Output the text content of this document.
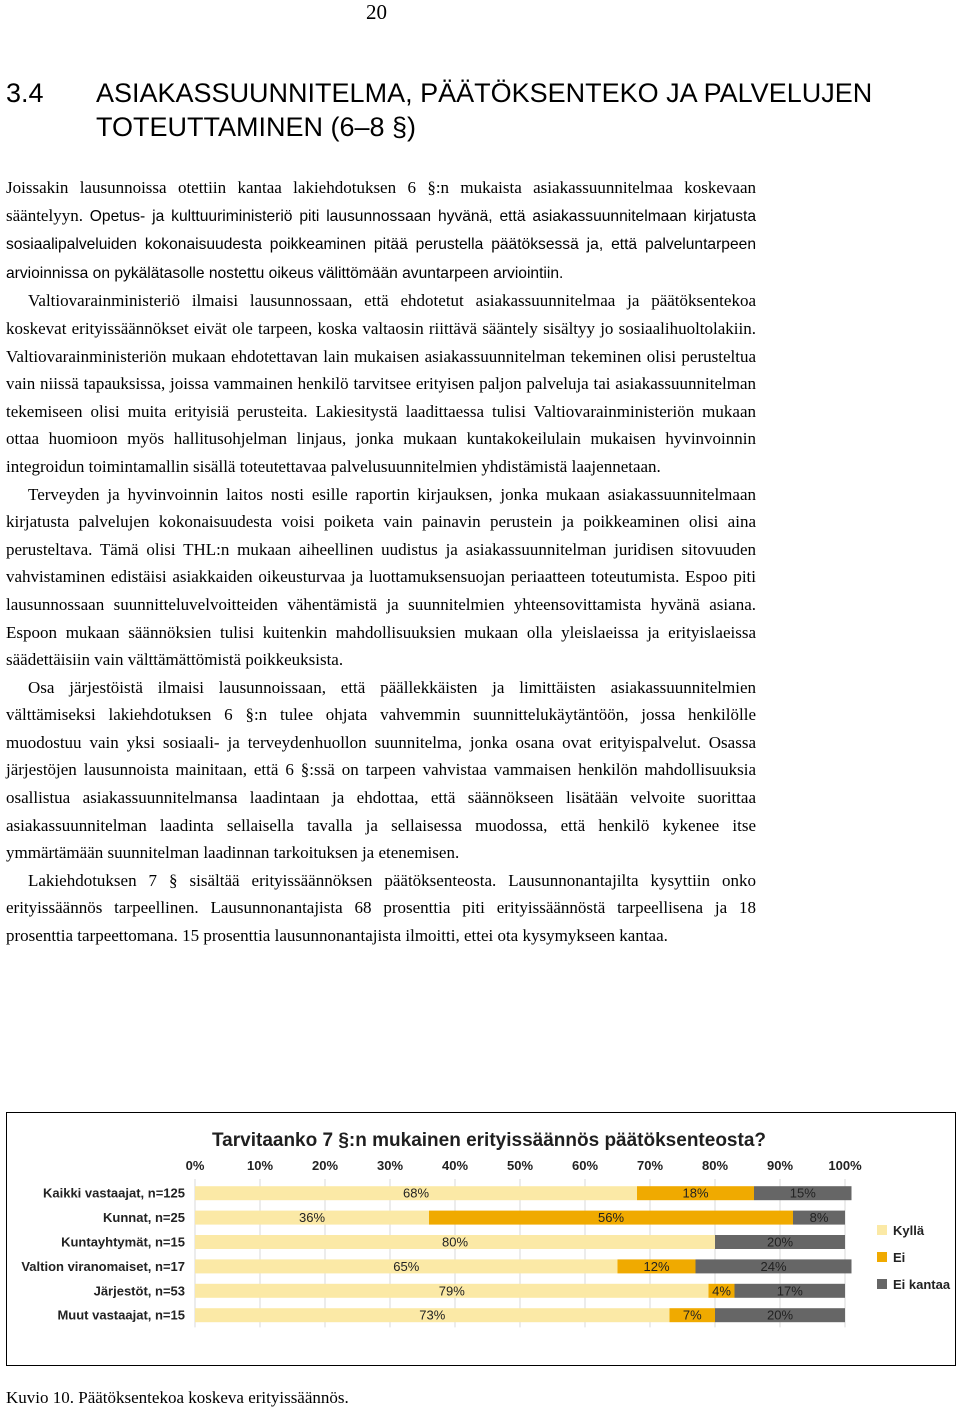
20
3.4 ASIAKASSUUNNITELMA, PÄÄTÖKSENTEKO JA PALVELUJEN TOTEUTTAMINEN (6–8 §)

Joissakin lausunnoissa otettiin kantaa lakiehdotuksen 6 §:n mukaista asiakassuunnitelmaa koskevaan sääntelyyn. Opetus- ja kulttuuriministeriö piti lausunnossaan hyvänä, että asiakassuunnitelmaan kirjatusta sosiaalipalveluiden kokonaisuudesta poikkeaminen pitää perustella päätöksessä ja, että palveluntarpeen arvioinnissa on pykälätasolle nostettu oikeus välittömään avuntarpeen arviointiin.

Valtiovarainministeriö ilmaisi lausunnossaan, että ehdotetut asiakassuunnitelmaa ja päätöksentekoa koskevat erityissäännökset eivät ole tarpeen, koska valtaosin riittävä sääntely sisältyy jo sosiaalihuoltolakiin. Valtiovarainministeriön mukaan ehdotettavan lain mukaisen asiakassuunnitelman tekeminen olisi perusteltua vain niissä tapauksissa, joissa vammainen henkilö tarvitsee erityisen paljon palveluja tai asiakassuunnitelman tekemiseen olisi muita erityisiä perusteita. Lakiesitystä laadittaessa tulisi Valtiovarainministeriön mukaan ottaa huomioon myös hallitusohjelman linjaus, jonka mukaan kuntakokeilulain mukaisen hyvinvoinnin integroidun toimintamallin sisällä toteutettavaa palvelusuunnitelmien yhdistämistä laajennetaan.

Terveyden ja hyvinvoinnin laitos nosti esille raportin kirjauksen, jonka mukaan asiakassuunnitelmaan kirjatusta palvelujen kokonaisuudesta voisi poiketa vain painavin perustein ja poikkeaminen olisi aina perusteltava. Tämä olisi THL:n mukaan aiheellinen uudistus ja asiakassuunnitelman juridisen sitovuuden vahvistaminen edistäisi asiakkaiden oikeusturvaa ja luottamuksensuojan periaatteen toteutumista. Espoo piti lausunnossaan suunnitteluvelvoitteiden vähentämistä ja suunnitelmien yhteensovittamista hyvänä asiana. Espoon mukaan säännöksien tulisi kuitenkin mahdollisuuksien mukaan olla yleislaeissa ja erityislaeissa säädettäisiin vain välttämättömistä poikkeuksista.

Osa järjestöistä ilmaisi lausunnoissaan, että päällekkäisten ja limittäisten asiakassuunnitelmien välttämiseksi lakiehdotuksen 6 §:n tulee ohjata vahvemmin suunnittelukäytäntöön, jossa henkilölle muodostuu vain yksi sosiaali- ja terveydenhuollon suunnitelma, jonka osana ovat erityispalvelut. Osassa järjestöjen lausunnoista mainitaan, että 6 §:ssä on tarpeen vahvistaa vammaisen henkilön mahdollisuuksia osallistua asiakassuunnitelmansa laadintaan ja ehdottaa, että säännökseen lisätään velvoite suorittaa asiakassuunnitelman laadinta sellaisella tavalla ja sellaisessa muodossa, että henkilö kykenee itse ymmärtämään suunnitelman laadinnan tarkoituksen ja etenemisen.

Lakiehdotuksen 7 § sisältää erityissäännöksen päätöksenteosta. Lausunnonantajilta kysyttiin onko erityissäännös tarpeellinen. Lausunnonantajista 68 prosenttia piti erityissäännöstä tarpeellisena ja 18 prosenttia tarpeettomana. 15 prosenttia lausunnonantajista ilmoitti, ettei ota kysymykseen kantaa.

Tarvitaanko 7 §:n mukainen erityissäännös päätöksenteosta?
0%	10%	20%	30%	40%	50%	60%	70%	80%	90%	100%
Kaikki vastaajat, n=125
Kunnat, n=25
Kuntayhtymät, n=15
Valtion viranomaiset, n=17
Järjestöt, n=53
Muut vastaajat, n=15
68%	18%	15%
36%	56%	8%
80%	20%
65%	12%	24%
79%	4%	17%
73%	7%	20%
Kyllä
Ei
Ei kantaa
Kuvio 10. Päätöksentekoa koskeva erityissäännös.
